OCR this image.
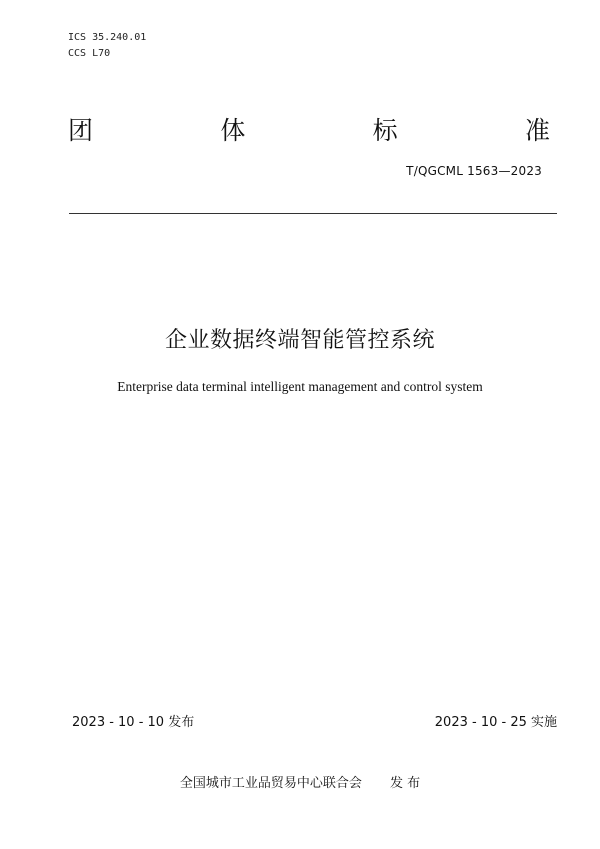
ICS 35.240.01
CCS L70
团	体	标	准
T/QGCML 1563—2023
企业数据终端智能管控系统
Enterprise data terminal intelligent management and control system
2023 - 10 - 10 发布	2023 - 10 - 25 实施
全国城市工业品贸易中心联合会 发 布
